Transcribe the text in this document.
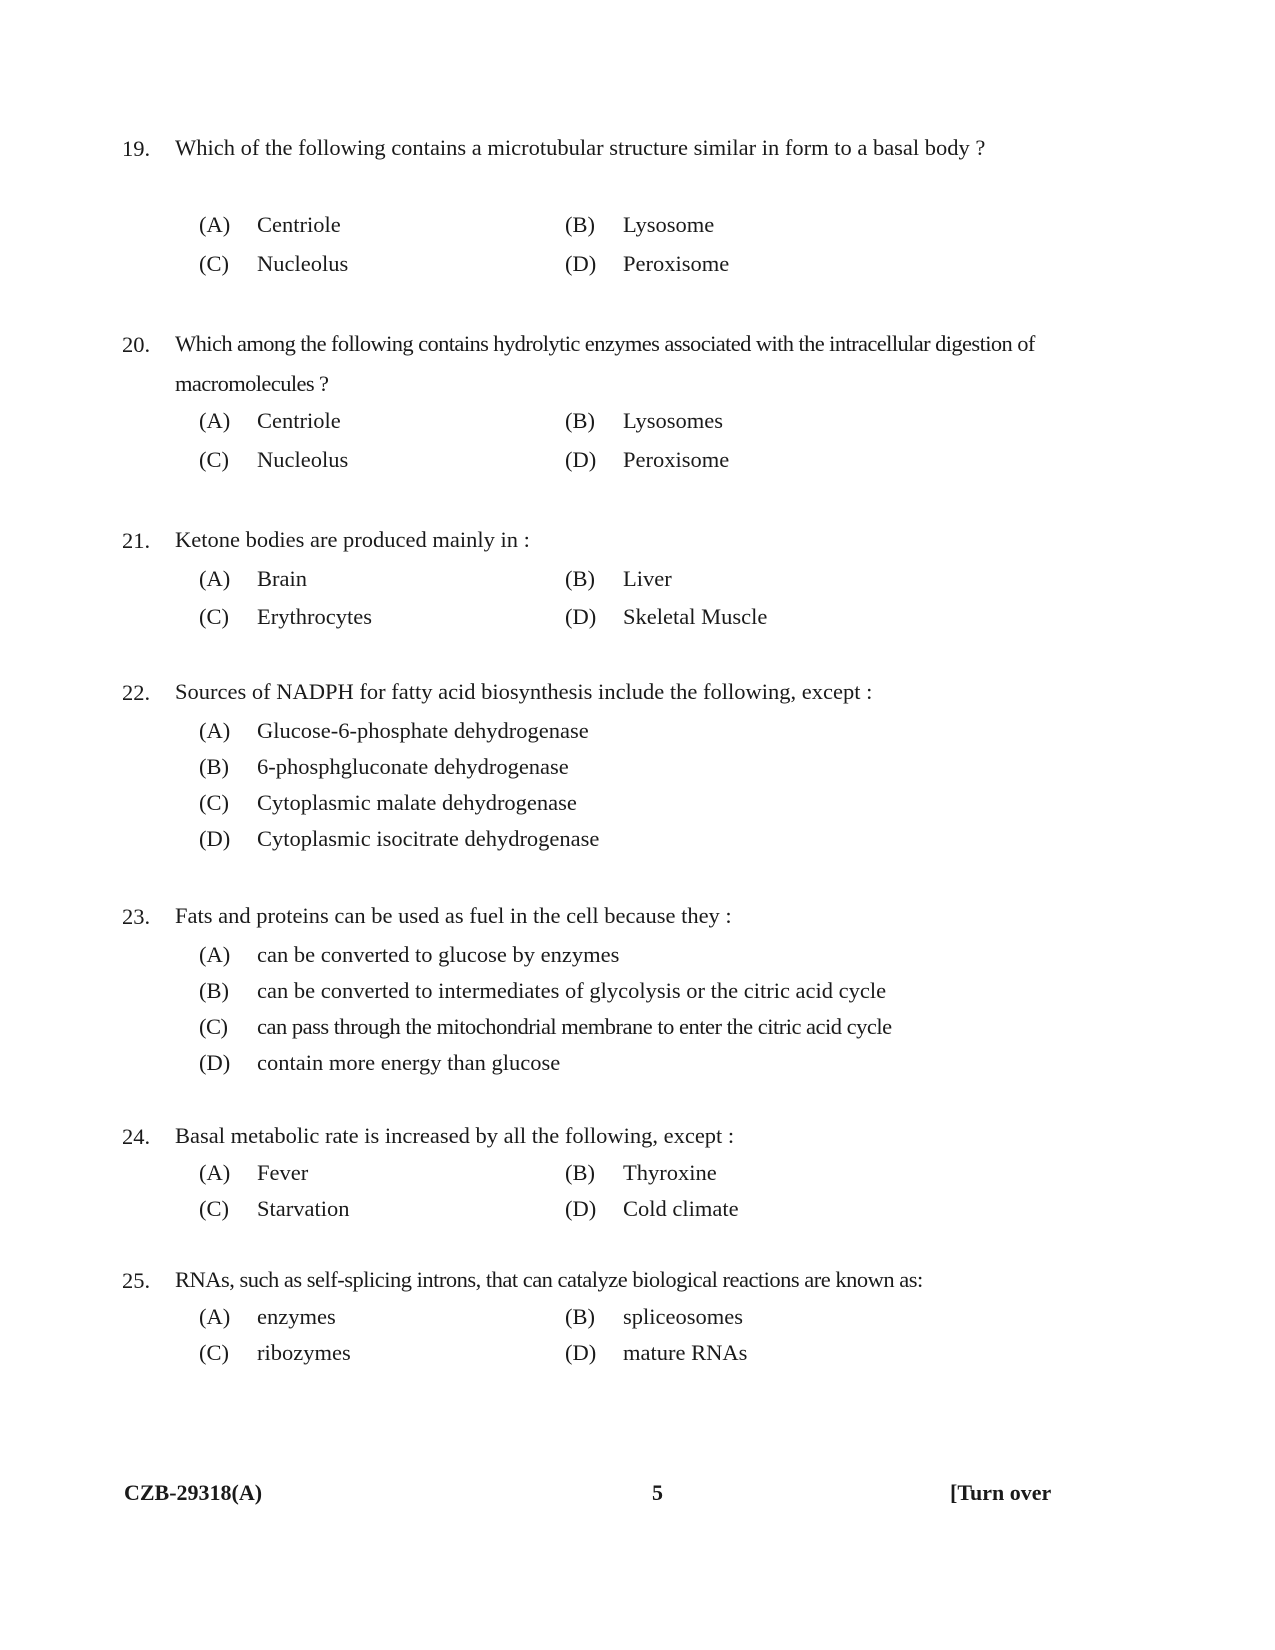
19. Which of the following contains a microtubular structure similar in form to a basal body ?
(A) Centriole	(B) Lysosome
(C) Nucleolus	(D) Peroxisome
20. Which among the following contains hydrolytic enzymes associated with the intracellular digestion of macromolecules ?
(A) Centriole	(B) Lysosomes
(C) Nucleolus	(D) Peroxisome
21. Ketone bodies are produced mainly in :
(A) Brain	(B) Liver
(C) Erythrocytes	(D) Skeletal Muscle
22. Sources of NADPH for fatty acid biosynthesis include the following, except :
(A) Glucose-6-phosphate dehydrogenase
(B) 6-phosphgluconate dehydrogenase
(C) Cytoplasmic malate dehydrogenase
(D) Cytoplasmic isocitrate dehydrogenase
23. Fats and proteins can be used as fuel in the cell because they :
(A) can be converted to glucose by enzymes
(B) can be converted to intermediates of glycolysis or the citric acid cycle
(C) can pass through the mitochondrial membrane to enter the citric acid cycle
(D) contain more energy than glucose
24. Basal metabolic rate is increased by all the following, except :
(A) Fever	(B) Thyroxine
(C) Starvation	(D) Cold climate
25. RNAs, such as self-splicing introns, that can catalyze biological reactions are known as:
(A) enzymes	(B) spliceosomes
(C) ribozymes	(D) mature RNAs
CZB-29318(A)	5	[Turn over
